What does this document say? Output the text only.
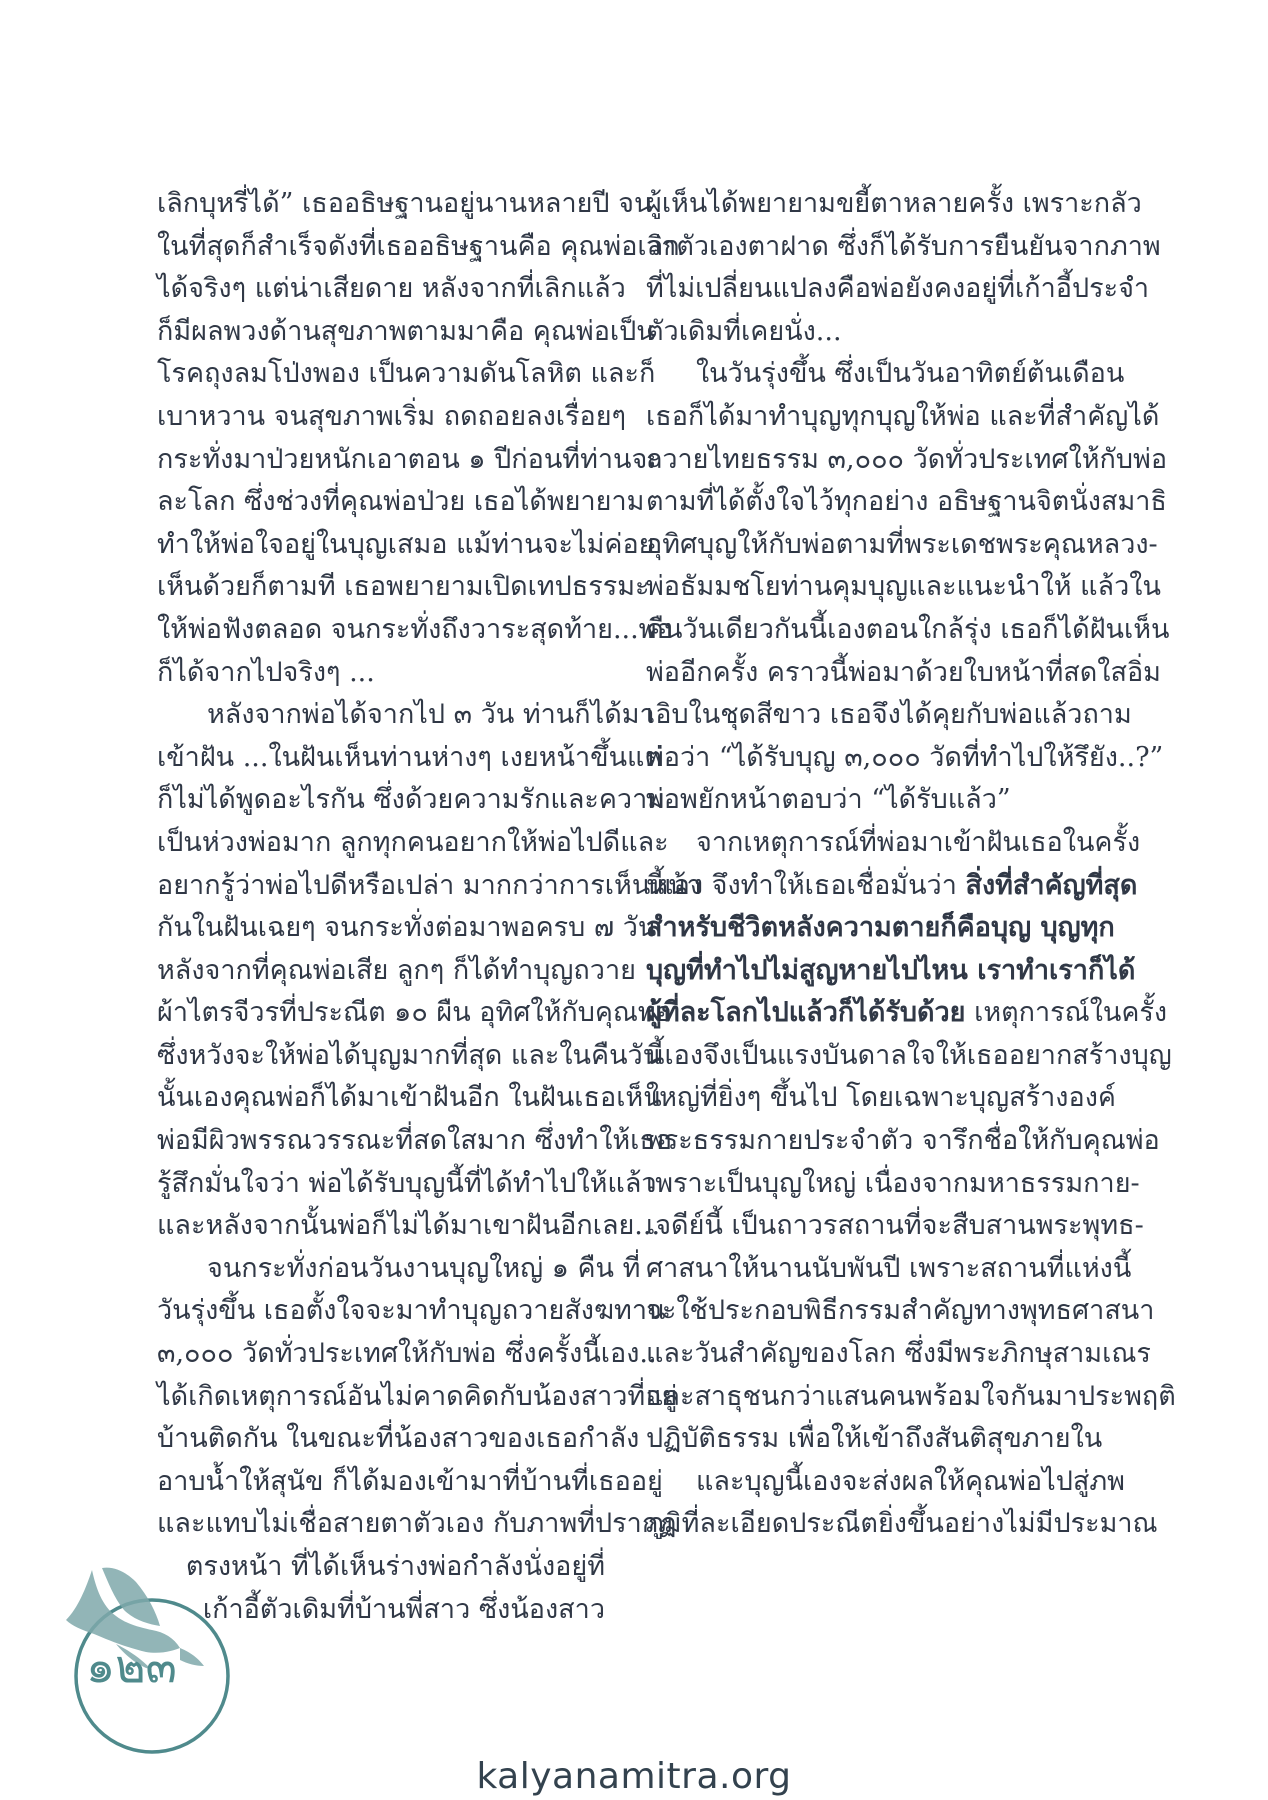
เลิกบุหรี่ได้” เธออธิษฐานอยู่นานหลายปี จน
ในที่สุดก็สำเร็จดังที่เธออธิษฐานคือ คุณพ่อเลิก
ได้จริงๆ แต่น่าเสียดาย หลังจากที่เลิกแล้ว
ก็มีผลพวงด้านสุขภาพตามมาคือ คุณพ่อเป็น
โรคถุงลมโป่งพอง เป็นความดันโลหิต และก็
เบาหวาน จนสุขภาพเริ่ม ถดถอยลงเรื่อยๆ
กระทั่งมาป่วยหนักเอาตอน ๑ ปีก่อนที่ท่านจะ
ละโลก ซึ่งช่วงที่คุณพ่อป่วย เธอได้พยายาม
ทำให้พ่อใจอยู่ในบุญเสมอ แม้ท่านจะไม่ค่อย
เห็นด้วยก็ตามที เธอพยายามเปิดเทปธรรมะ
ให้พ่อฟังตลอด จนกระทั่งถึงวาระสุดท้าย...พ่อ
ก็ได้จากไปจริงๆ ...
หลังจากพ่อได้จากไป ๓ วัน ท่านก็ได้มา
เข้าฝัน ...ในฝันเห็นท่านห่างๆ เงยหน้าขึ้นแต่
ก็ไม่ได้พูดอะไรกัน ซึ่งด้วยความรักและความ
เป็นห่วงพ่อมาก ลูกทุกคนอยากให้พ่อไปดีและ
อยากรู้ว่าพ่อไปดีหรือเปล่า มากกว่าการเห็นหน้า
กันในฝันเฉยๆ จนกระทั่งต่อมาพอครบ ๗ วัน
หลังจากที่คุณพ่อเสีย ลูกๆ ก็ได้ทำบุญถวาย
ผ้าไตรจีวรที่ประณีต ๑๐ ผืน อุทิศให้กับคุณพ่อ
ซึ่งหวังจะให้พ่อได้บุญมากที่สุด และในคืนวัน
นั้นเองคุณพ่อก็ได้มาเข้าฝันอีก ในฝันเธอเห็น
พ่อมีผิวพรรณวรรณะที่สดใสมาก ซึ่งทำให้เธอ
รู้สึกมั่นใจว่า พ่อได้รับบุญนี้ที่ได้ทำไปให้แล้ว
และหลังจากนั้นพ่อก็ไม่ได้มาเขาฝันอีกเลย...
จนกระทั่งก่อนวันงานบุญใหญ่ ๑ คืน ที่
วันรุ่งขึ้น เธอตั้งใจจะมาทำบุญถวายสังฆทาน
๓,๐๐๐ วัดทั่วประเทศให้กับพ่อ ซึ่งครั้งนี้เอง..
ได้เกิดเหตุการณ์อันไม่คาดคิดกับน้องสาวที่อยู่
บ้านติดกัน ในขณะที่น้องสาวของเธอกำลัง
อาบน้ำให้สุนัข ก็ได้มองเข้ามาที่บ้านที่เธออยู่
และแทบไม่เชื่อสายตาตัวเอง กับภาพที่ปรากฏ
ตรงหน้า ที่ได้เห็นร่างพ่อกำลังนั่งอยู่ที่
เก้าอี้ตัวเดิมที่บ้านพี่สาว ซึ่งน้องสาว
ผู้เห็นได้พยายามขยี้ตาหลายครั้ง เพราะกลัว
ว่าตัวเองตาฝาด ซึ่งก็ได้รับการยืนยันจากภาพ
ที่ไม่เปลี่ยนแปลงคือพ่อยังคงอยู่ที่เก้าอี้ประจำ
ตัวเดิมที่เคยนั่ง...
ในวันรุ่งขึ้น ซึ่งเป็นวันอาทิตย์ต้นเดือน
เธอก็ได้มาทำบุญทุกบุญให้พ่อ และที่สำคัญได้
ถวายไทยธรรม ๓,๐๐๐ วัดทั่วประเทศให้กับพ่อ
ตามที่ได้ตั้งใจไว้ทุกอย่าง อธิษฐานจิตนั่งสมาธิ
อุทิศบุญให้กับพ่อตามที่พระเดชพระคุณหลวง-
พ่อธัมมชโยท่านคุมบุญและแนะนำให้ แล้วใน
คืนวันเดียวกันนี้เองตอนใกล้รุ่ง เธอก็ได้ฝันเห็น
พ่ออีกครั้ง คราวนี้พ่อมาด้วยใบหน้าที่สดใสอิ่ม
เอิบในชุดสีขาว เธอจึงได้คุยกับพ่อแล้วถาม
พ่อว่า “ได้รับบุญ ๓,๐๐๐ วัดที่ทำไปให้รึยัง..?”
พ่อพยักหน้าตอบว่า “ได้รับแล้ว”
จากเหตุการณ์ที่พ่อมาเข้าฝันเธอในครั้ง
นี้เอง จึงทำให้เธอเชื่อมั่นว่า สิ่งที่สำคัญที่สุด
สำหรับชีวิตหลังความตายก็คือบุญ บุญทุก
บุญที่ทำไปไม่สูญหายไปไหน เราทำเราก็ได้
ผู้ที่ละโลกไปแล้วก็ได้รับด้วย เหตุการณ์ในครั้ง
นี้เองจึงเป็นแรงบันดาลใจให้เธออยากสร้างบุญ
ใหญ่ที่ยิ่งๆ ขึ้นไป โดยเฉพาะบุญสร้างองค์
พระธรรมกายประจำตัว จารึกชื่อให้กับคุณพ่อ
เพราะเป็นบุญใหญ่ เนื่องจากมหาธรรมกาย-
เจดีย์นี้ เป็นถาวรสถานที่จะสืบสานพระพุทธ-
ศาสนาให้นานนับพันปี เพราะสถานที่แห่งนี้
จะใช้ประกอบพิธีกรรมสำคัญทางพุทธศาสนา
และวันสำคัญของโลก ซึ่งมีพระภิกษุสามเณร
และสาธุชนกว่าแสนคนพร้อมใจกันมาประพฤติ
ปฏิบัติธรรม เพื่อให้เข้าถึงสันติสุขภายใน
และบุญนี้เองจะส่งผลให้คุณพ่อไปสู่ภพ
ภูมิที่ละเอียดประณีตยิ่งขึ้นอย่างไม่มีประมาณ
๑๒๓
kalyanamitra.org
